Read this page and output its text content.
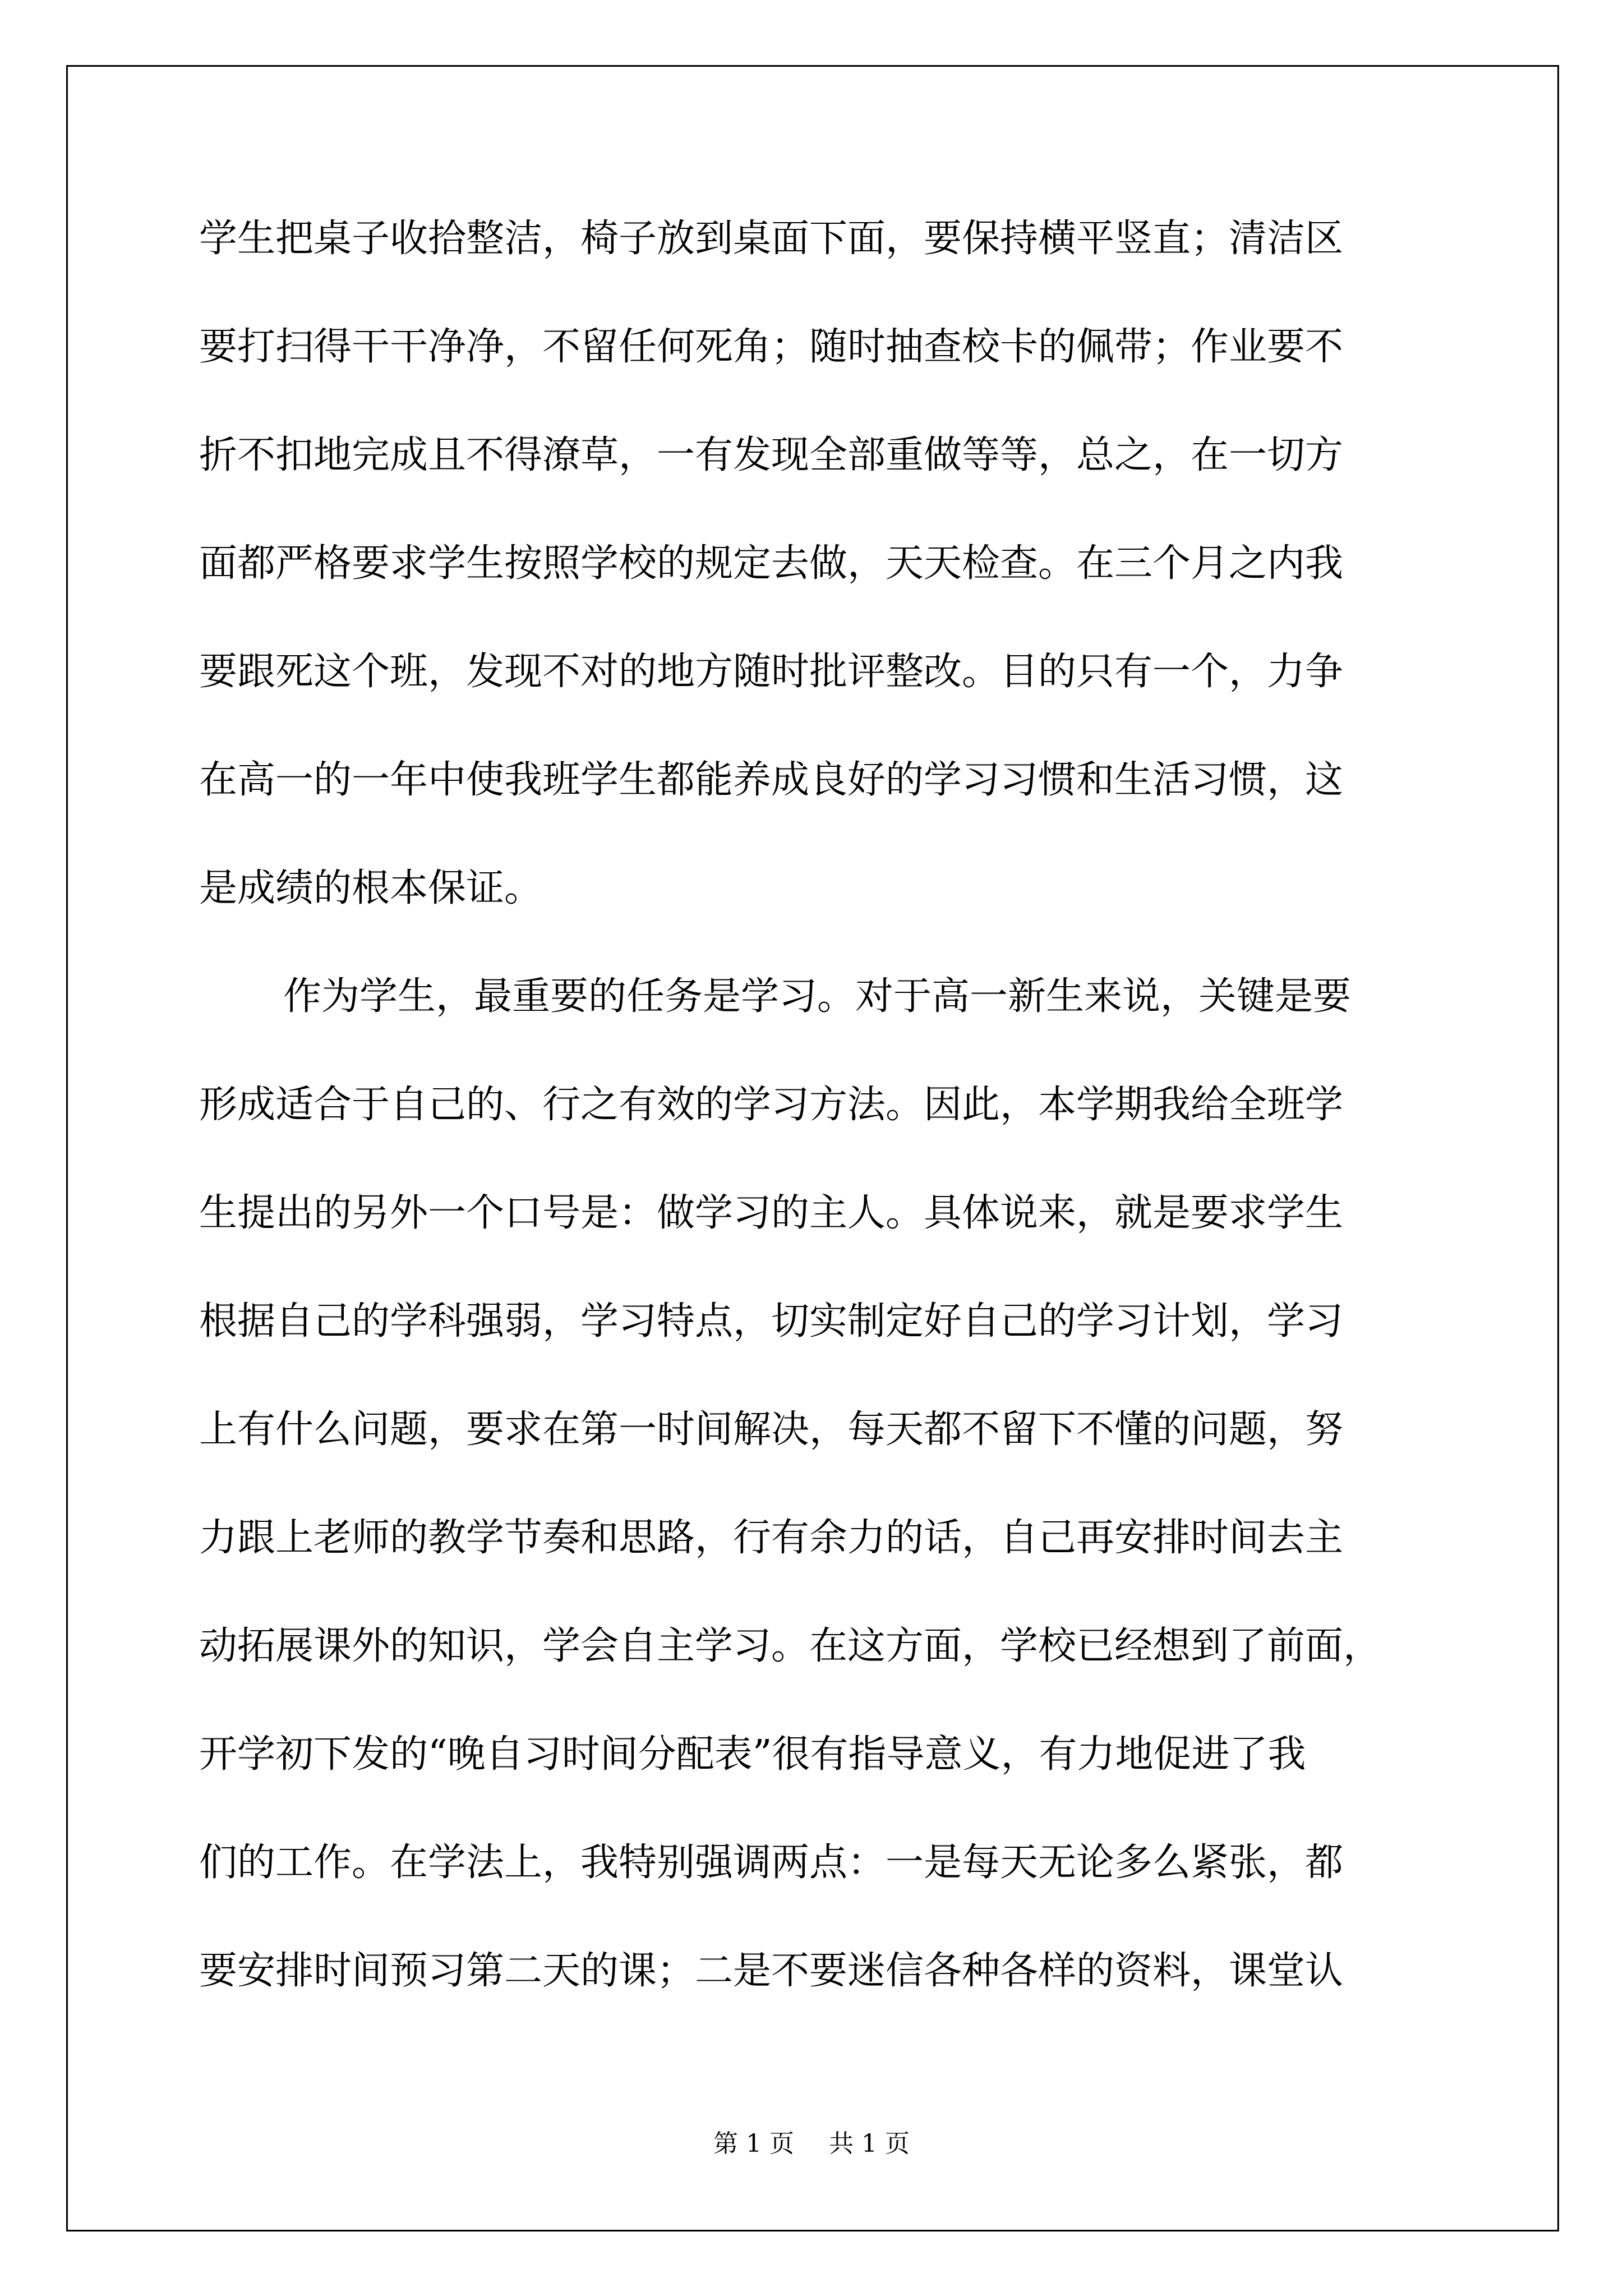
学生把桌子收拾整洁，椅子放到桌面下面，要保持横平竖直；清洁区
要打扫得干干净净，不留任何死角；随时抽查校卡的佩带；作业要不
折不扣地完成且不得潦草，一有发现全部重做等等，总之，在一切方
面都严格要求学生按照学校的规定去做，天天检查。在三个月之内我
要跟死这个班，发现不对的地方随时批评整改。目的只有一个，力争
在高一的一年中使我班学生都能养成良好的学习习惯和生活习惯，这
是成绩的根本保证。
作为学生，最重要的任务是学习。对于高一新生来说，关键是要
形成适合于自己的、行之有效的学习方法。因此，本学期我给全班学
生提出的另外一个口号是：做学习的主人。具体说来，就是要求学生
根据自己的学科强弱，学习特点，切实制定好自己的学习计划，学习
上有什么问题，要求在第一时间解决，每天都不留下不懂的问题，努
力跟上老师的教学节奏和思路，行有余力的话，自己再安排时间去主
动拓展课外的知识，学会自主学习。在这方面，学校已经想到了前面，
开学初下发的“晚自习时间分配表”很有指导意义，有力地促进了我
们的工作。在学法上，我特别强调两点：一是每天无论多么紧张，都
要安排时间预习第二天的课；二是不要迷信各种各样的资料，课堂认
第 1 页 共 1 页
